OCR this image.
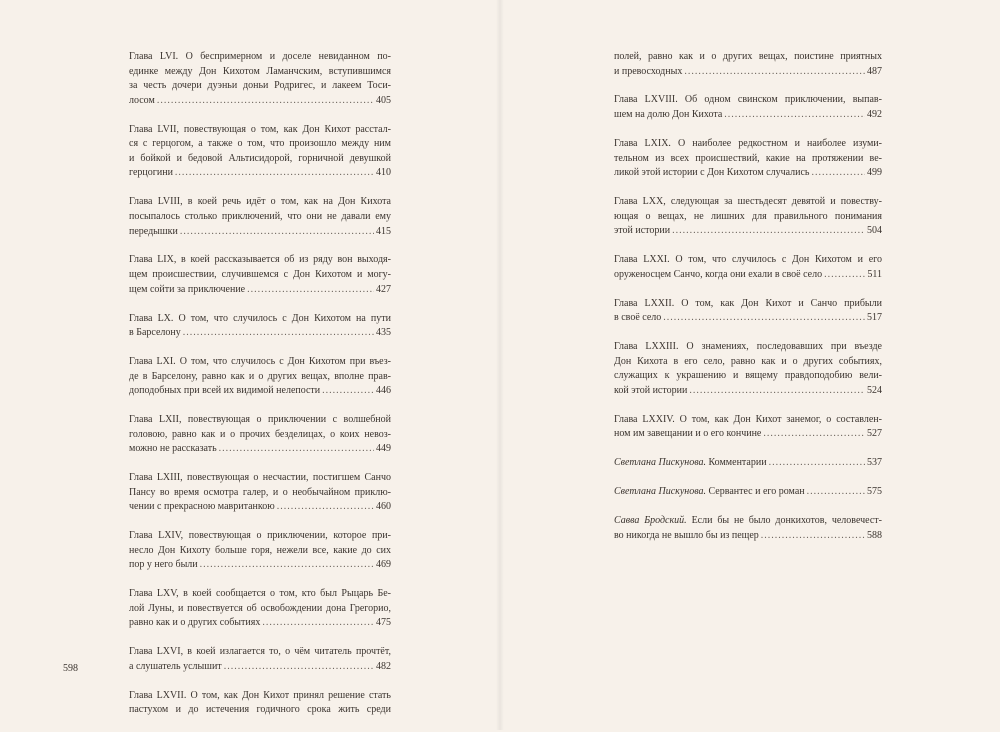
Глава LVI. О беспримерном и доселе невиданном по-
единке между Дон Кихотом Ламанчским, вступившимся
за честь дочери дуэньи доньи Родригес, и лакеем Тоси-
лосом .....	405
Глава LVII, повествующая о том, как Дон Кихот расстал-
ся с герцогом, а также о том, что произошло между ним
и бойкой и бедовой Альтисидорой, горничной девушкой
герцогини .....	410
Глава LVIII, в коей речь идёт о том, как на Дон Кихота
посыпалось столько приключений, что они не давали ему
передышки .....	415
Глава LIX, в коей рассказывается об из ряду вон выходя-
щем происшествии, случившемся с Дон Кихотом и могу-
щем сойти за приключение .....	427
Глава LX. О том, что случилось с Дон Кихотом на пути
в Барселону .....	435
Глава LXI. О том, что случилось с Дон Кихотом при въез-
де в Барселону, равно как и о других вещах, вполне прав-
доподобных при всей их видимой нелепости .....	446
Глава LXII, повествующая о приключении с волшебной
головою, равно как и о прочих безделицах, о коих невоз-
можно не рассказать .....	449
Глава LXIII, повествующая о несчастии, постигшем Санчо
Пансу во время осмотра галер, и о необычайном приклю-
чении с прекрасною мавританкою .....	460
Глава LXIV, повествующая о приключении, которое при-
несло Дон Кихоту больше горя, нежели все, какие до сих
пор у него были .....	469
Глава LXV, в коей сообщается о том, кто был Рыцарь Бе-
лой Луны, и повествуется об освобождении дона Грегорио,
равно как и о других событиях .....	475
Глава LXVI, в коей излагается то, о чём читатель прочтёт,
а слушатель услышит .....	482
Глава LXVII. О том, как Дон Кихот принял решение стать
пастухом и до истечения годичного срока жить среди
598
полей, равно как и о других вещах, поистине приятных
и превосходных .....	487
Глава LXVIII. Об одном свинском приключении, выпав-
шем на долю Дон Кихота .....	492
Глава LXIX. О наиболее редкостном и наиболее изуми-
тельном из всех происшествий, какие на протяжении ве-
ликой этой истории с Дон Кихотом случались .....	499
Глава LXX, следующая за шестьдесят девятой и повеству-
ющая о вещах, не лишних для правильного понимания
этой истории .....	504
Глава LXXI. О том, что случилось с Дон Кихотом и его
оруженосцем Санчо, когда они ехали в своё село .....	511
Глава LXXII. О том, как Дон Кихот и Санчо прибыли
в своё село .....	517
Глава LXXIII. О знамениях, последовавших при въезде
Дон Кихота в его село, равно как и о других событиях,
служащих к украшению и вящему правдоподобию вели-
кой этой истории .....	524
Глава LXXIV. О том, как Дон Кихот занемог, о составлен-
ном им завещании и о его кончине .....	527
Светлана Пискунова. Комментарии .....	537
Светлана Пискунова. Сервантес и его роман .....	575
Савва Бродский. Если бы не было донкихотов, человечест-
во никогда не вышло бы из пещер .....	588
